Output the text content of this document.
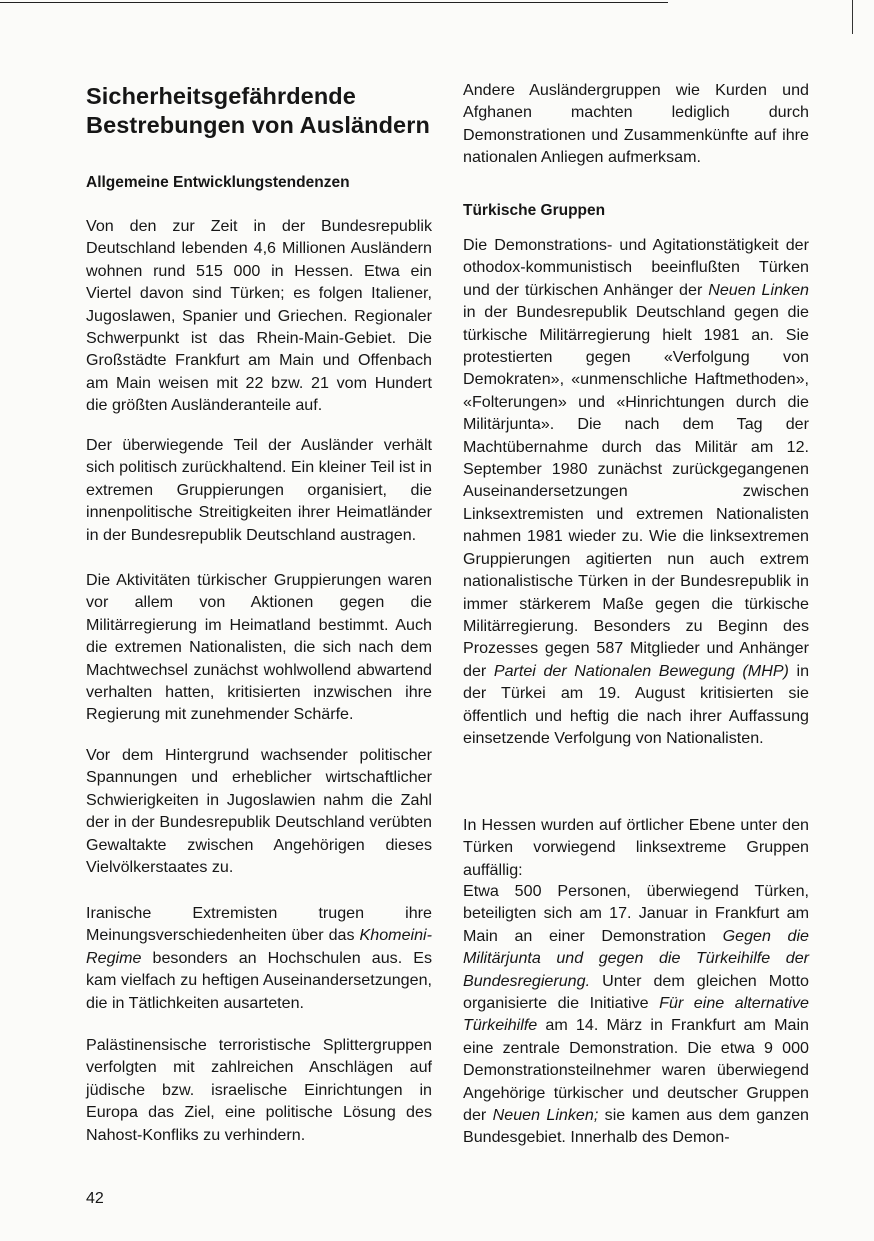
Sicherheitsgefährdende Bestrebungen von Ausländern
Allgemeine Entwicklungstendenzen

Von den zur Zeit in der Bundesrepublik Deutschland lebenden 4,6 Millionen Ausländern wohnen rund 515 000 in Hessen. Etwa ein Viertel davon sind Türken; es folgen Italiener, Jugoslawen, Spanier und Griechen. Regionaler Schwerpunkt ist das Rhein-Main-Gebiet. Die Großstädte Frankfurt am Main und Offenbach am Main weisen mit 22 bzw. 21 vom Hundert die größten Ausländeranteile auf.

Der überwiegende Teil der Ausländer verhält sich politisch zurückhaltend. Ein kleiner Teil ist in extremen Gruppierungen organisiert, die innenpolitische Streitigkeiten ihrer Heimatländer in der Bundesrepublik Deutschland austragen.

Die Aktivitäten türkischer Gruppierungen waren vor allem von Aktionen gegen die Militärregierung im Heimatland bestimmt. Auch die extremen Nationalisten, die sich nach dem Machtwechsel zunächst wohlwollend abwartend verhalten hatten, kritisierten inzwischen ihre Regierung mit zunehmender Schärfe.

Vor dem Hintergrund wachsender politischer Spannungen und erheblicher wirtschaftlicher Schwierigkeiten in Jugoslawien nahm die Zahl der in der Bundesrepublik Deutschland verübten Gewaltakte zwischen Angehörigen dieses Vielvölkerstaates zu.

Iranische Extremisten trugen ihre Meinungsverschiedenheiten über das Khomeini-Regime besonders an Hochschulen aus. Es kam vielfach zu heftigen Auseinandersetzungen, die in Tätlichkeiten ausarteten.

Palästinensische terroristische Splittergruppen verfolgten mit zahlreichen Anschlägen auf jüdische bzw. israelische Einrichtungen in Europa das Ziel, eine politische Lösung des Nahost-Konfliks zu verhindern.

Andere Ausländergruppen wie Kurden und Afghanen machten lediglich durch Demonstrationen und Zusammenkünfte auf ihre nationalen Anliegen aufmerksam.

Türkische Gruppen

Die Demonstrations- und Agitationstätigkeit der othodox-kommunistisch beeinflußten Türken und der türkischen Anhänger der Neuen Linken in der Bundesrepublik Deutschland gegen die türkische Militärregierung hielt 1981 an. Sie protestierten gegen «Verfolgung von Demokraten», «unmenschliche Haftmethoden», «Folterungen» und «Hinrichtungen durch die Militärjunta». Die nach dem Tag der Machtübernahme durch das Militär am 12. September 1980 zunächst zurückgegangenen Auseinandersetzungen zwischen Linksextremisten und extremen Nationalisten nahmen 1981 wieder zu. Wie die linksextremen Gruppierungen agitierten nun auch extrem nationalistische Türken in der Bundesrepublik in immer stärkerem Maße gegen die türkische Militärregierung. Besonders zu Beginn des Prozesses gegen 587 Mitglieder und Anhänger der Partei der Nationalen Bewegung (MHP) in der Türkei am 19. August kritisierten sie öffentlich und heftig die nach ihrer Auffassung einsetzende Verfolgung von Nationalisten.

In Hessen wurden auf örtlicher Ebene unter den Türken vorwiegend linksextreme Gruppen auffällig:

Etwa 500 Personen, überwiegend Türken, beteiligten sich am 17. Januar in Frankfurt am Main an einer Demonstration Gegen die Militärjunta und gegen die Türkeihilfe der Bundesregierung. Unter dem gleichen Motto organisierte die Initiative Für eine alternative Türkeihilfe am 14. März in Frankfurt am Main eine zentrale Demonstration. Die etwa 9 000 Demonstrationsteilnehmer waren überwiegend Angehörige türkischer und deutscher Gruppen der Neuen Linken; sie kamen aus dem ganzen Bundesgebiet. Innerhalb des Demon-

42
